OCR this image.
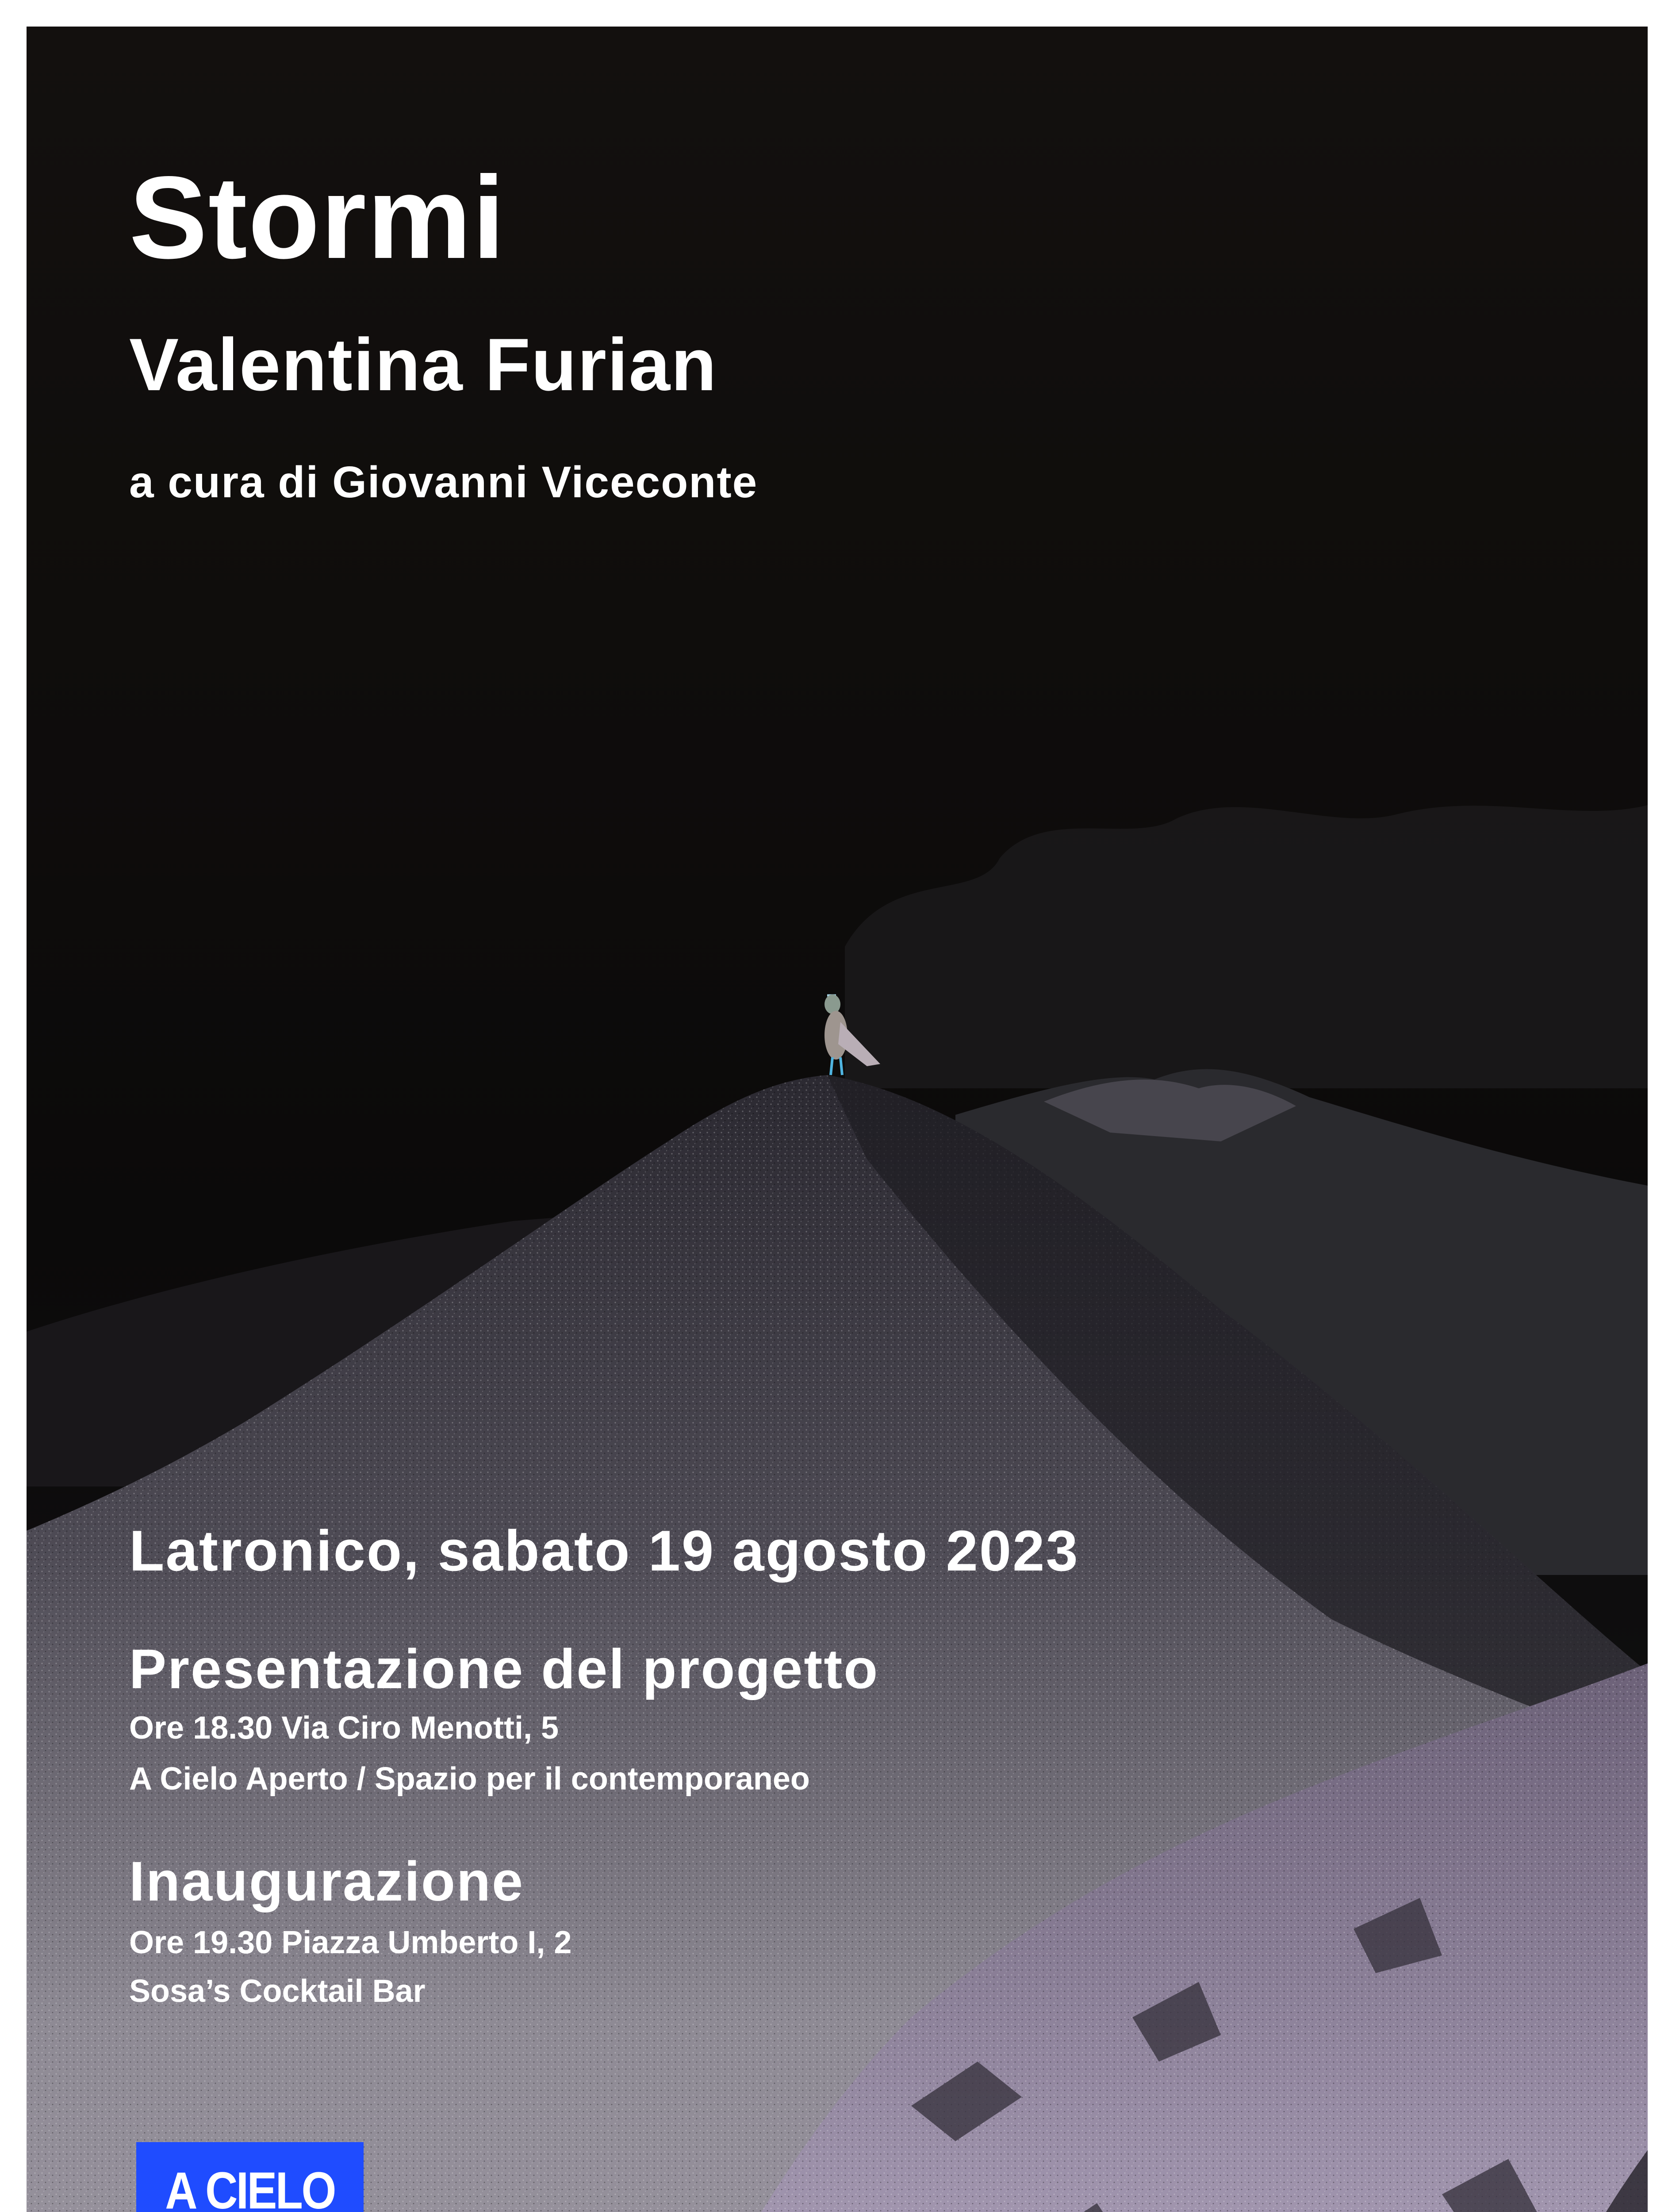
Stormi
Valentina Furian
a cura di Giovanni Viceconte
Latronico, sabato 19 agosto 2023
Presentazione del progetto
Ore 18.30 Via Ciro Menotti, 5
A Cielo Aperto / Spazio per il contemporaneo
Inaugurazione
Ore 19.30 Piazza Umberto I, 2
Sosa’s Cocktail Bar
A CIELO
